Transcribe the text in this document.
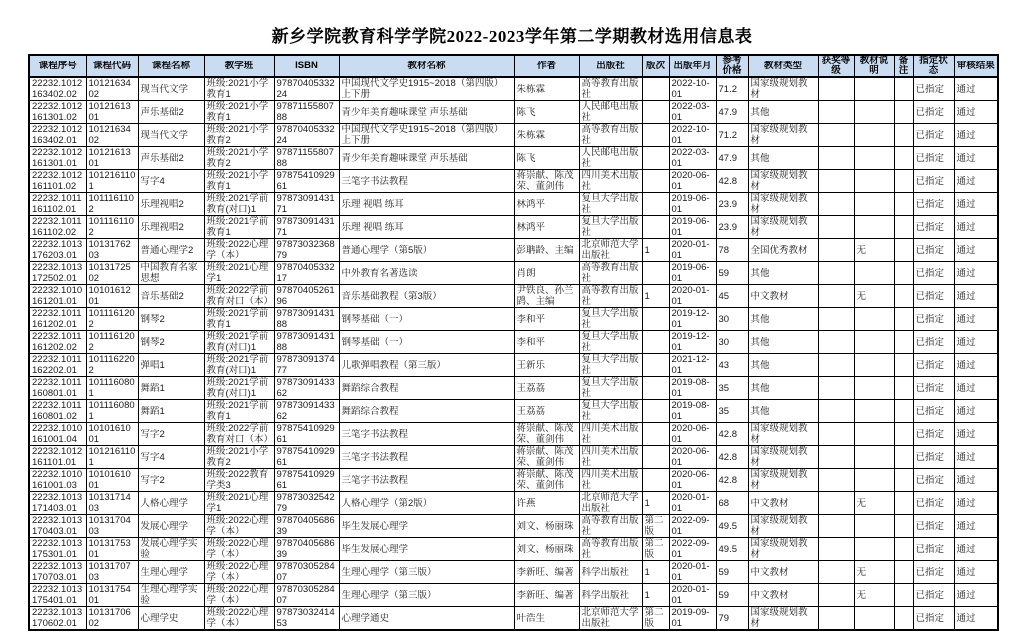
新乡学院教育科学学院2022-2023学年第二学期教材选用信息表
课程序号	课程代码	课程名称	教学班	ISBN	教材名称	作者	出版社	版次	出版年月	参考价格	教材类型	获奖等级	教材说明	备注	指定状态	审核结果

22232.1012163402.02	1012163402	现当代文学	班级:2021小学教育1	9787040533224	中国现代文学史1915~2018（第四版）上下册	朱栋霖	高等教育出版社		2022-10-01	71.2	国家级规划教材				已指定	通过

22232.1012161301.02	1012161301	声乐基础2	班级:2021小学教育1	9787115580788	青少年美育趣味课堂 声乐基础	陈飞	人民邮电出版社		2022-03-01	47.9	其他				已指定	通过

22232.1012163402.01	1012163402	现当代文学	班级:2021小学教育2	9787040533224	中国现代文学史1915~2018（第四版）上下册	朱栋霖	高等教育出版社		2022-10-01	71.2	国家级规划教材				已指定	通过

22232.1012161301.01	1012161301	声乐基础2	班级:2021小学教育2	9787115580788	青少年美育趣味课堂 声乐基础	陈飞	人民邮电出版社		2022-03-01	47.9	其他				已指定	通过

22232.1012161101.02	1012161101	写字4	班级:2021小学教育1	9787541092961	三笔字书法教程	蒋崇献、陈茂荣、董剑伟	四川美术出版社		2020-06-01	42.8	国家级规划教材				已指定	通过

22232.1011161102.01	1011161102	乐理视唱2	班级:2021学前教育(对口)1	9787309143171	乐理 视唱 练耳	林鸿平	复旦大学出版社		2019-06-01	23.9	国家级规划教材				已指定	通过

22232.1011161102.02	1011161102	乐理视唱2	班级:2021学前教育1	9787309143171	乐理 视唱 练耳	林鸿平	复旦大学出版社		2019-06-01	23.9	国家级规划教材				已指定	通过

22232.1013176203.01	1013176203	普通心理学2	班级:2022心理学（本）	9787303236879	普通心理学（第5版）	彭聃龄、主编	北京师范大学出版社	1	2020-01-01	78	全国优秀教材		无		已指定	通过

22232.1013172502.01	1013172502	中国教育名家思想	班级:2021心理学1	9787040533217	中外教育名著选读	肖朗	高等教育出版社		2019-06-01	59	其他				已指定	通过

22232.1010161201.01	1010161201	音乐基础2	班级:2022学前教育对口（本）	9787040526196	音乐基础教程（第3版）	尹铁良、孙兰鹍、主编	高等教育出版社	1	2020-01-01	45	中文教材		无		已指定	通过

22232.1011161202.01	1011161202	钢琴2	班级:2021学前教育1	9787309143188	钢琴基础（一）	李和平	复旦大学出版社		2019-12-01	30	其他				已指定	通过

22232.1011161202.02	1011161202	钢琴2	班级:2021学前教育(对口)1	9787309143188	钢琴基础（一）	李和平	复旦大学出版社		2019-12-01	30	其他				已指定	通过

22232.1011162202.01	1011162202	弹唱1	班级:2021学前教育(对口)1	9787309137477	儿歌弹唱教程（第三版）	王新乐	复旦大学出版社		2021-12-01	43	其他				已指定	通过

22232.1011160801.01	1011160801	舞蹈1	班级:2021学前教育(对口)1	9787309143362	舞蹈综合教程	王荔荔	复旦大学出版社		2019-08-01	35	其他				已指定	通过

22232.1011160801.02	1011160801	舞蹈1	班级:2021学前教育1	9787309143362	舞蹈综合教程	王荔荔	复旦大学出版社		2019-08-01	35	其他				已指定	通过

22232.1010161001.04	1010161001	写字2	班级:2022学前教育对口（本）	9787541092961	三笔字书法教程	蒋崇献、陈茂荣、董剑伟	四川美术出版社		2020-06-01	42.8	国家级规划教材				已指定	通过

22232.1012161101.01	1012161101	写字4	班级:2021小学教育2	9787541092961	三笔字书法教程	蒋崇献、陈茂荣、董剑伟	四川美术出版社		2020-06-01	42.8	国家级规划教材				已指定	通过

22232.1010161001.03	1010161001	写字2	班级:2022教育学类3	9787541092961	三笔字书法教程	蒋崇献、陈茂荣、董剑伟	四川美术出版社		2020-06-01	42.8	国家级规划教材				已指定	通过

22232.1013171403.01	1013171403	人格心理学	班级:2021心理学1	9787303254279	人格心理学（第2版）	许燕	北京师范大学出版社	1	2020-01-01	68	中文教材		无		已指定	通过

22232.1013170403.01	1013170403	发展心理学	班级:2022心理学（本）	9787040568639	毕生发展心理学	刘文、杨丽珠	高等教育出版社	第二版	2022-09-01	49.5	国家级规划教材				已指定	通过

22232.1013175301.01	1013175301	发展心理学实验	班级:2022心理学（本）	9787040568639	毕生发展心理学	刘文、杨丽珠	高等教育出版社	第二版	2022-09-01	49.5	国家级规划教材				已指定	通过

22232.1013170703.01	1013170703	生理心理学	班级:2022心理学（本）	9787030528407	生理心理学（第三版）	李新旺、编著	科学出版社	1	2020-01-01	59	中文教材		无		已指定	通过

22232.1013175401.01	1013175401	生理心理学实验	班级:2022心理学（本）	9787030528407	生理心理学（第三版）	李新旺、编著	科学出版社	1	2020-01-01	59	中文教材		无		已指定	通过

22232.1013170602.01	1013170602	心理学史	班级:2022心理学（本）	9787303241453	心理学通史	叶浩生	北京师范大学出版社	第二版	2019-09-01	79	国家级规划教材				已指定	通过
